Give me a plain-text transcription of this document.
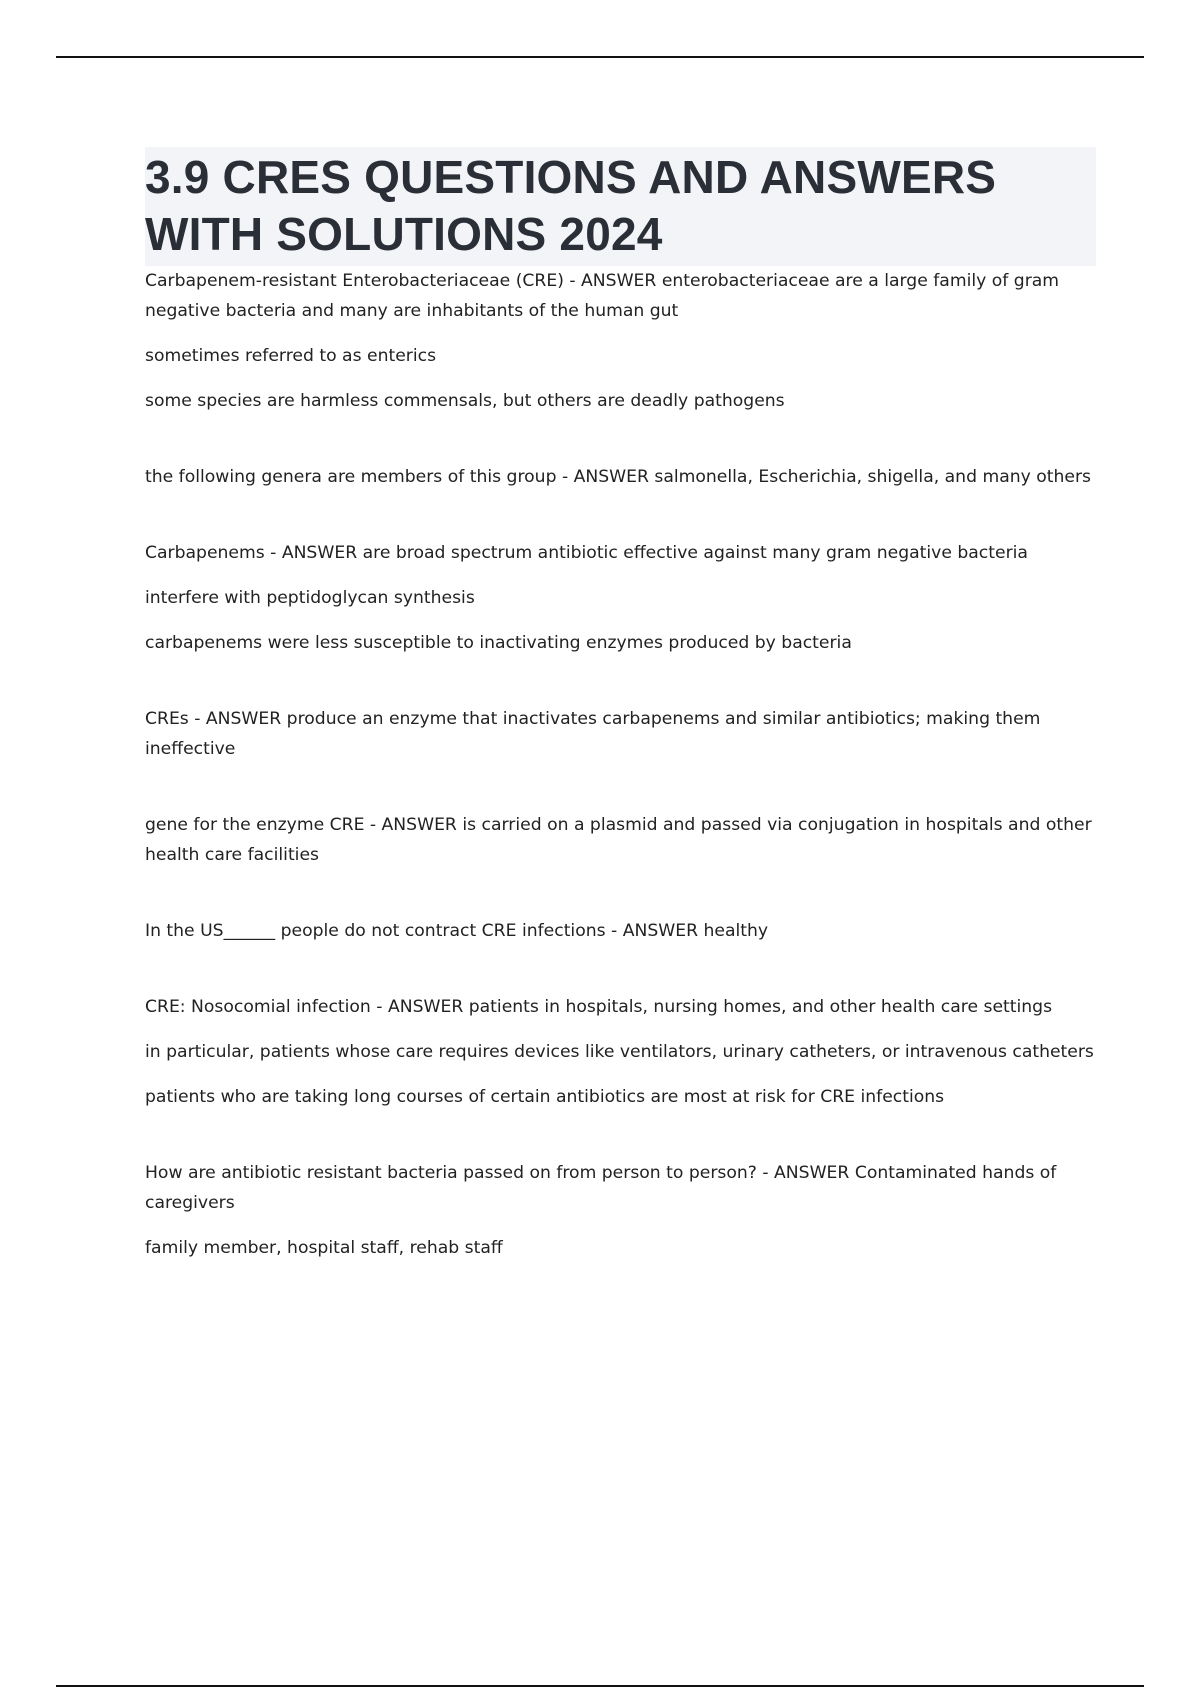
3.9 CRES QUESTIONS AND ANSWERS
WITH SOLUTIONS 2024

Carbapenem-resistant Enterobacteriaceae (CRE) - ANSWER enterobacteriaceae are a large family of gram negative bacteria and many are inhabitants of the human gut

sometimes referred to as enterics

some species are harmless commensals, but others are deadly pathogens

the following genera are members of this group - ANSWER salmonella, Escherichia, shigella, and many others

Carbapenems - ANSWER are broad spectrum antibiotic effective against many gram negative bacteria

interfere with peptidoglycan synthesis

carbapenems were less susceptible to inactivating enzymes produced by bacteria

CREs - ANSWER produce an enzyme that inactivates carbapenems and similar antibiotics; making them ineffective

gene for the enzyme CRE - ANSWER is carried on a plasmid and passed via conjugation in hospitals and other health care facilities

In the US______ people do not contract CRE infections - ANSWER healthy

CRE: Nosocomial infection - ANSWER patients in hospitals, nursing homes, and other health care settings

in particular, patients whose care requires devices like ventilators, urinary catheters, or intravenous catheters

patients who are taking long courses of certain antibiotics are most at risk for CRE infections

How are antibiotic resistant bacteria passed on from person to person? - ANSWER Contaminated hands of caregivers

family member, hospital staff, rehab staff
